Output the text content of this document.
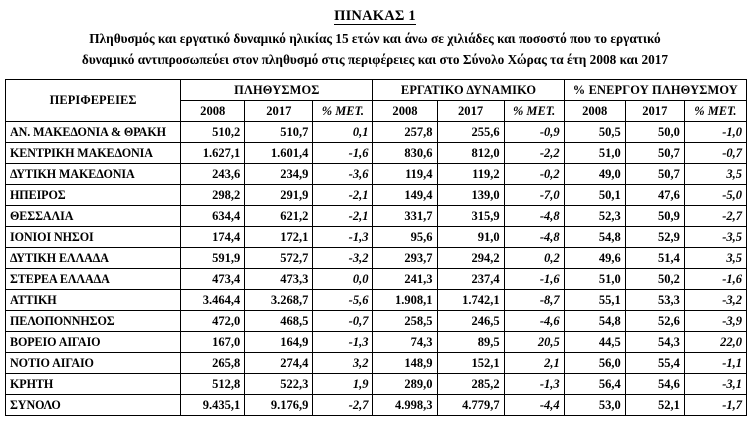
ΠΙΝΑΚΑΣ 1
Πληθυσμός και εργατικό δυναμικό ηλικίας 15 ετών και άνω σε χιλιάδες και ποσοστό που το εργατικό
δυναμικό αντιπροσωπεύει στον πληθυσμό στις περιφέρειες και στο Σύνολο Χώρας τα έτη 2008 και 2017
ΠΕΡΙΦΕΡΕΙΕΣ	ΠΛΗΘΥΣΜΟΣ			ΕΡΓΑΤΙΚΟ ΔΥΝΑΜΙΚΟ			% ΕΝΕΡΓΟΥ ΠΛΗΘΥΣΜΟΥ		
	2008	2017	% ΜΕΤ.	2008	2017	% ΜΕΤ.	2008	2017	% ΜΕΤ.
ΑΝ. ΜΑΚΕΔΟΝΙΑ & ΘΡΑΚΗ	510,2	510,7	0,1	257,8	255,6	-0,9	50,5	50,0	-1,0
ΚΕΝΤΡΙΚΗ ΜΑΚΕΔΟΝΙΑ	1.627,1	1.601,4	-1,6	830,6	812,0	-2,2	51,0	50,7	-0,7
ΔΥΤΙΚΗ ΜΑΚΕΔΟΝΙΑ	243,6	234,9	-3,6	119,4	119,2	-0,2	49,0	50,7	3,5
ΗΠΕΙΡΟΣ	298,2	291,9	-2,1	149,4	139,0	-7,0	50,1	47,6	-5,0
ΘΕΣΣΑΛΙΑ	634,4	621,2	-2,1	331,7	315,9	-4,8	52,3	50,9	-2,7
ΙΟΝΙΟΙ ΝΗΣΟΙ	174,4	172,1	-1,3	95,6	91,0	-4,8	54,8	52,9	-3,5
ΔΥΤΙΚΗ ΕΛΛΑΔΑ	591,9	572,7	-3,2	293,7	294,2	0,2	49,6	51,4	3,5
ΣΤΕΡΕΑ ΕΛΛΑΔΑ	473,4	473,3	0,0	241,3	237,4	-1,6	51,0	50,2	-1,6
ΑΤΤΙΚΗ	3.464,4	3.268,7	-5,6	1.908,1	1.742,1	-8,7	55,1	53,3	-3,2
ΠΕΛΟΠΟΝΝΗΣΟΣ	472,0	468,5	-0,7	258,5	246,5	-4,6	54,8	52,6	-3,9
ΒΟΡΕΙΟ ΑΙΓΑΙΟ	167,0	164,9	-1,3	74,3	89,5	20,5	44,5	54,3	22,0
ΝΟΤΙΟ ΑΙΓΑΙΟ	265,8	274,4	3,2	148,9	152,1	2,1	56,0	55,4	-1,1
ΚΡΗΤΗ	512,8	522,3	1,9	289,0	285,2	-1,3	56,4	54,6	-3,1
ΣΥΝΟΛΟ	9.435,1	9.176,9	-2,7	4.998,3	4.779,7	-4,4	53,0	52,1	-1,7
